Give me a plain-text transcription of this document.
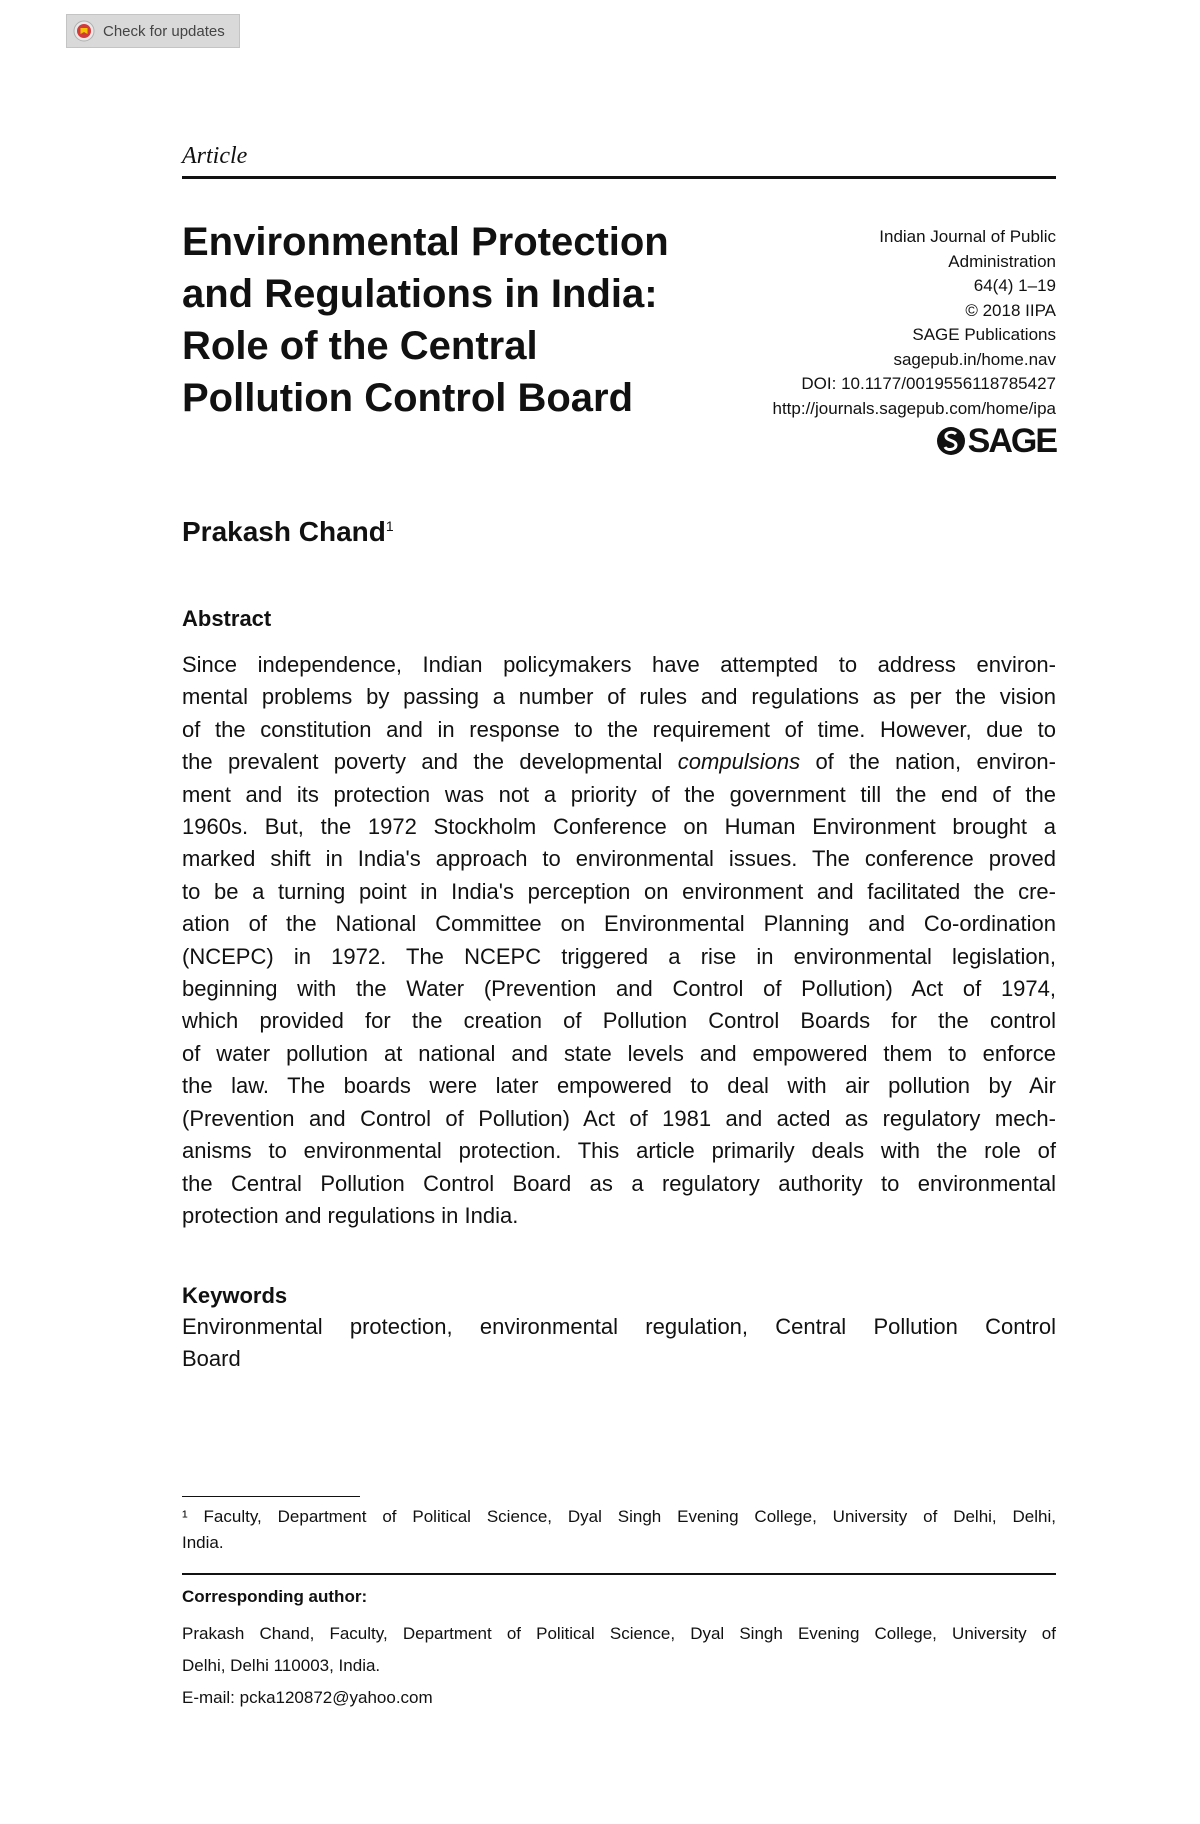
Check for updates
Article
Environmental Protection
and Regulations in India:
Role of the Central
Pollution Control Board
Indian Journal of Public
Administration
64(4) 1–19
© 2018 IIPA
SAGE Publications
sagepub.in/home.nav
DOI: 10.1177/0019556118785427
http://journals.sagepub.com/home/ipa
SAGE
Prakash Chand$^1$
Abstract
Since independence, Indian policymakers have attempted to address environ-
mental problems by passing a number of rules and regulations as per the vision
of the constitution and in response to the requirement of time. However, due to
the prevalent poverty and the developmental compulsions of the nation, environ-
ment and its protection was not a priority of the government till the end of the
1960s. But, the 1972 Stockholm Conference on Human Environment brought a
marked shift in India's approach to environmental issues. The conference proved
to be a turning point in India's perception on environment and facilitated the cre-
ation of the National Committee on Environmental Planning and Co-ordination
(NCEPC) in 1972. The NCEPC triggered a rise in environmental legislation,
beginning with the Water (Prevention and Control of Pollution) Act of 1974,
which provided for the creation of Pollution Control Boards for the control
of water pollution at national and state levels and empowered them to enforce
the law. The boards were later empowered to deal with air pollution by Air
(Prevention and Control of Pollution) Act of 1981 and acted as regulatory mech-
anisms to environmental protection. This article primarily deals with the role of
the Central Pollution Control Board as a regulatory authority to environmental
protection and regulations in India.
Keywords
Environmental protection, environmental regulation, Central Pollution Control
Board
¹ Faculty, Department of Political Science, Dyal Singh Evening College, University of Delhi, Delhi,
India.
Corresponding author:
Prakash Chand, Faculty, Department of Political Science, Dyal Singh Evening College, University of
Delhi, Delhi 110003, India.
E-mail: pcka120872@yahoo.com
